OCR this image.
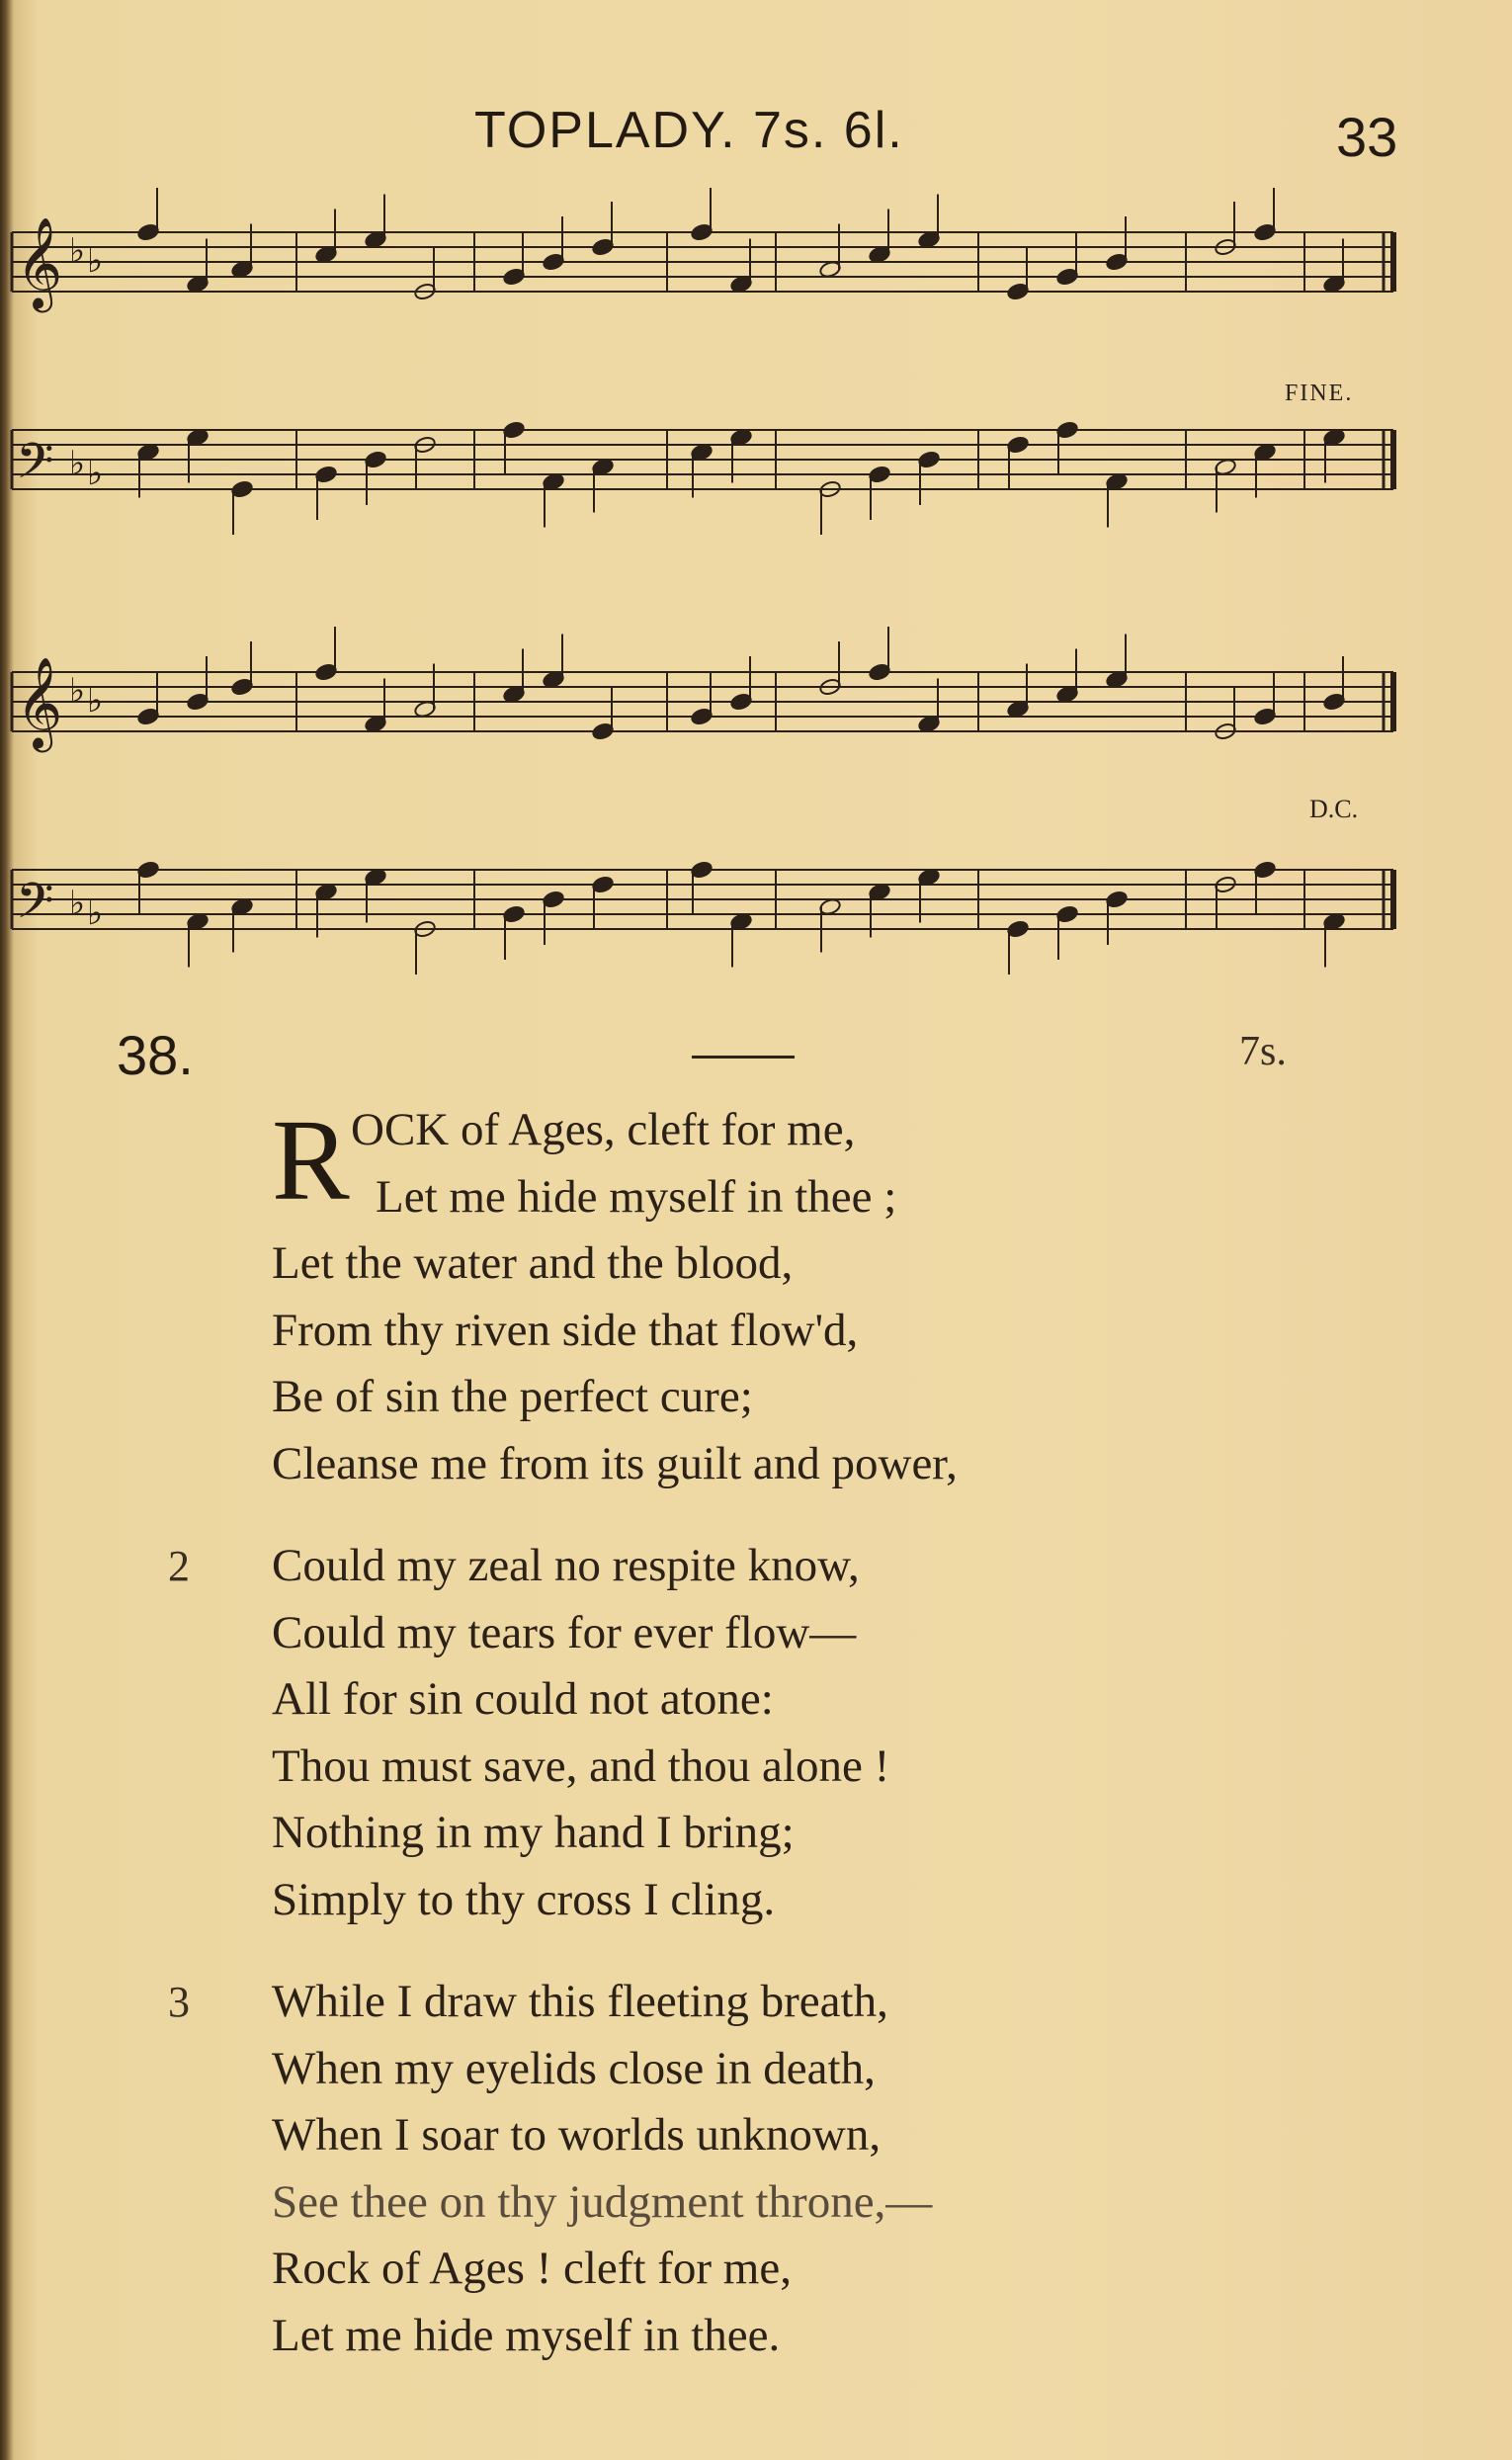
TOPLADY. 7s. 6l.	33
𝄞 ♭ ♭
𝄢 ♭ ♭
𝄞 ♭ ♭
𝄢 ♭ ♭
FINE.
D.C.
38.	7s.
R OCK of Ages, cleft for me,
Let me hide myself in thee ;
Let the water and the blood,
From thy riven side that flow'd,
Be of sin the perfect cure;
Cleanse me from its guilt and power,
2	Could my zeal no respite know,
Could my tears for ever flow—
All for sin could not atone:
Thou must save, and thou alone !
Nothing in my hand I bring;
Simply to thy cross I cling.
3	While I draw this fleeting breath,
When my eyelids close in death,
When I soar to worlds unknown,
See thee on thy judgment throne,—
Rock of Ages ! cleft for me,
Let me hide myself in thee.
